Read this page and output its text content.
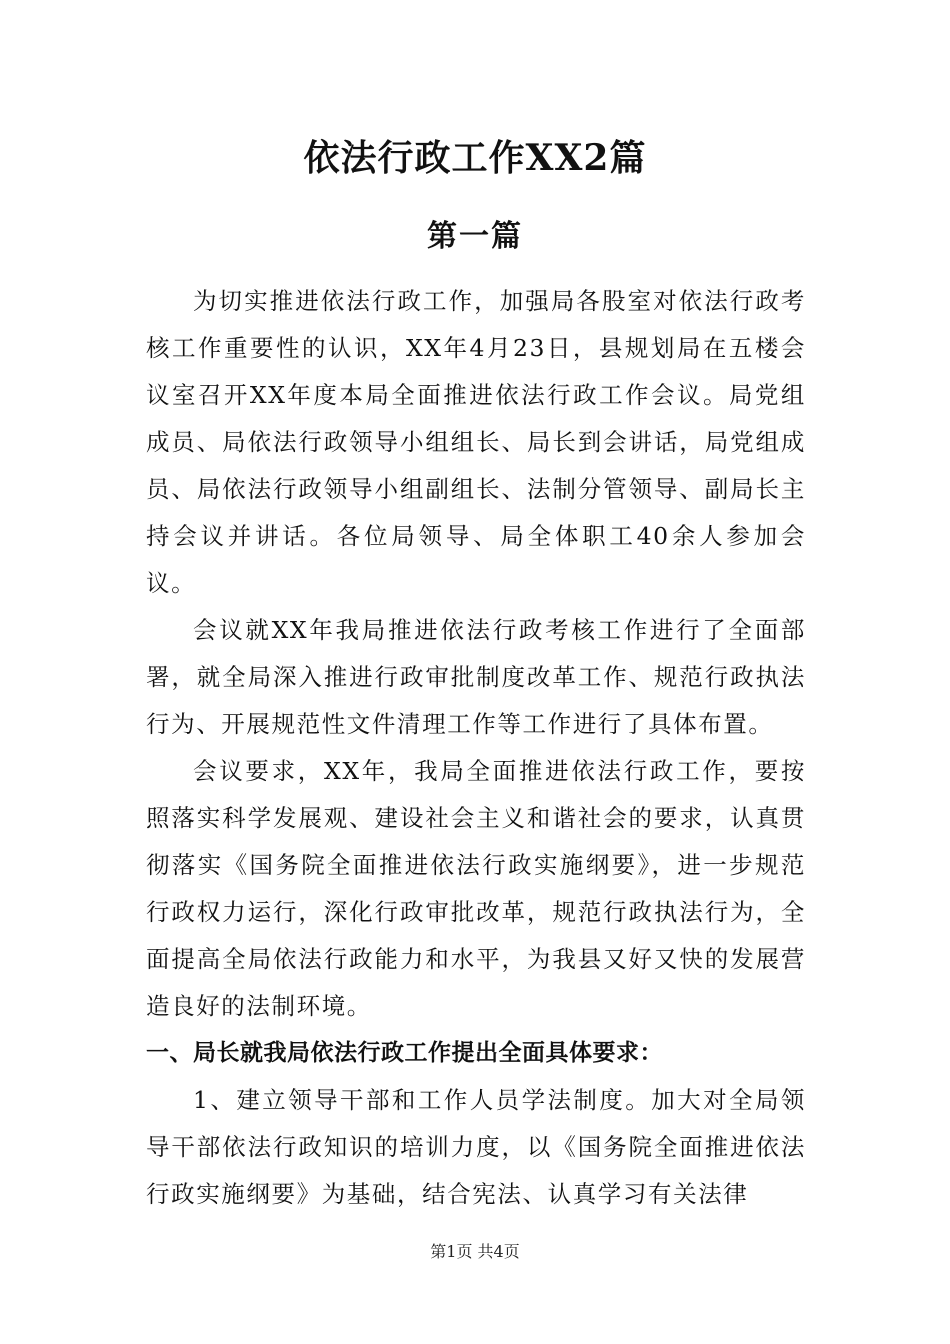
依法行政工作XX2篇
第一篇

为切实推进依法行政工作，加强局各股室对依法行政考核工作重要性的认识，XX年4月23日，县规划局在五楼会议室召开XX年度本局全面推进依法行政工作会议。局党组成员、局依法行政领导小组组长、局长到会讲话，局党组成员、局依法行政领导小组副组长、法制分管领导、副局长主持会议并讲话。各位局领导、局全体职工40余人参加会议。

会议就XX年我局推进依法行政考核工作进行了全面部署，就全局深入推进行政审批制度改革工作、规范行政执法行为、开展规范性文件清理工作等工作进行了具体布置。

会议要求，XX年，我局全面推进依法行政工作，要按照落实科学发展观、建设社会主义和谐社会的要求，认真贯彻落实《国务院全面推进依法行政实施纲要》，进一步规范行政权力运行，深化行政审批改革，规范行政执法行为，全面提高全局依法行政能力和水平，为我县又好又快的发展营造良好的法制环境。

一、局长就我局依法行政工作提出全面具体要求：

1、建立领导干部和工作人员学法制度。加大对全局领导干部依法行政知识的培训力度，以《国务院全面推进依法行政实施纲要》为基础，结合宪法、认真学习有关法律

第1页 共4页
